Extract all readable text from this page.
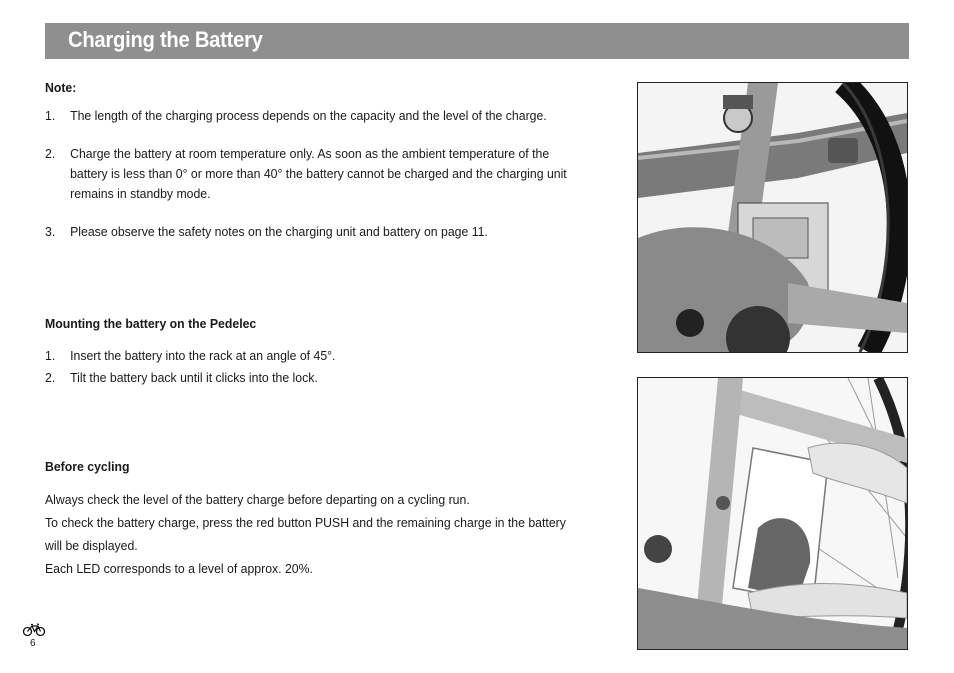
Charging the Battery
Note:
1. The length of the charging process depends on the capacity and the level of the charge.
2. Charge the battery at room temperature only. As soon as the ambient temperature of the battery is less than 0° or more than 40° the battery cannot be charged and the charging unit remains in standby mode.
3. Please observe the safety notes on the charging unit and battery on page 11.
Mounting the battery on the Pedelec
1. Insert the battery into the rack at an angle of 45°.
2. Tilt the battery back until it clicks into the lock.
Before cycling

Always check the level of the battery charge before departing on a cycling run.

To check the battery charge, press the red button PUSH and the remaining charge in the battery will be displayed.

Each LED corresponds to a level of approx. 20%.

6
